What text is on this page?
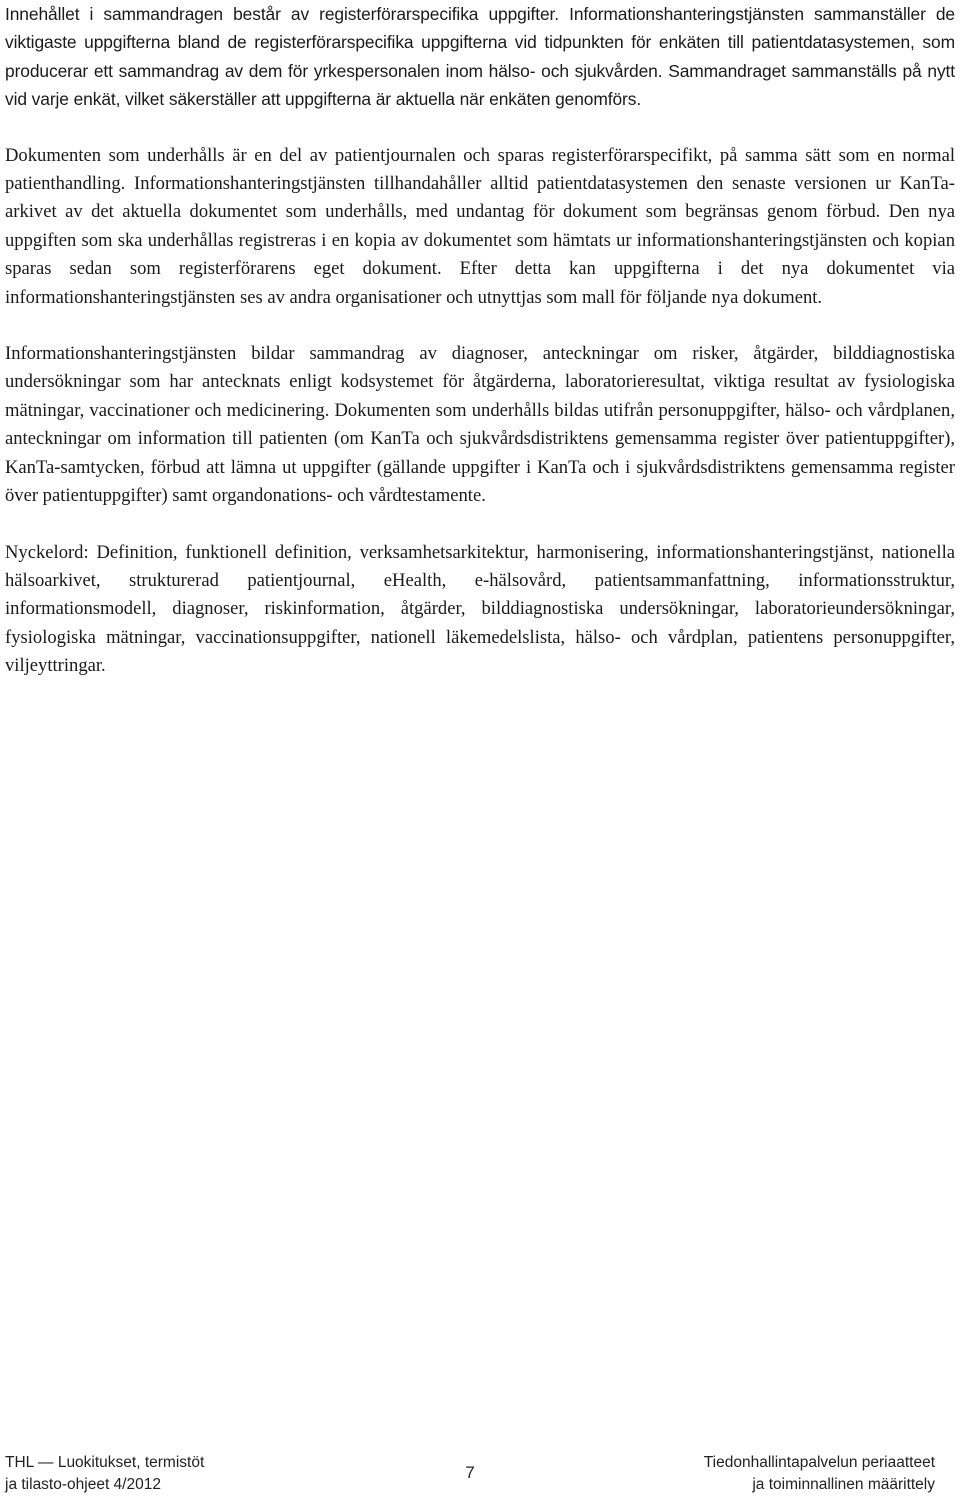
Innehållet i sammandragen består av registerförarspecifika uppgifter. Informationshanteringstjänsten sammanställer de viktigaste uppgifterna bland de registerförarspecifika uppgifterna vid tidpunkten för enkäten till patientdatasystemen, som producerar ett sammandrag av dem för yrkespersonalen inom hälso- och sjukvården. Sammandraget sammanställs på nytt vid varje enkät, vilket säkerställer att uppgifterna är aktuella när enkäten genomförs.

Dokumenten som underhålls är en del av patientjournalen och sparas registerförarspecifikt, på samma sätt som en normal patienthandling. Informationshanteringstjänsten tillhandahåller alltid patientdatasystemen den senaste versionen ur KanTa-arkivet av det aktuella dokumentet som underhålls, med undantag för dokument som begränsas genom förbud. Den nya uppgiften som ska underhållas registreras i en kopia av dokumentet som hämtats ur informationshanteringstjänsten och kopian sparas sedan som registerförarens eget dokument. Efter detta kan uppgifterna i det nya dokumentet via informationshanteringstjänsten ses av andra organisationer och utnyttjas som mall för följande nya dokument.

Informationshanteringstjänsten bildar sammandrag av diagnoser, anteckningar om risker, åtgärder, bilddiagnostiska undersökningar som har antecknats enligt kodsystemet för åtgärderna, laboratorieresultat, viktiga resultat av fysiologiska mätningar, vaccinationer och medicinering. Dokumenten som underhålls bildas utifrån personuppgifter, hälso- och vårdplanen, anteckningar om information till patienten (om KanTa och sjukvårdsdistriktens gemensamma register över patientuppgifter), KanTa-samtycken, förbud att lämna ut uppgifter (gällande uppgifter i KanTa och i sjukvårdsdistriktens gemensamma register över patientuppgifter) samt organdonations- och vårdtestamente.

Nyckelord: Definition, funktionell definition, verksamhetsarkitektur, harmonisering, informationshanteringstjänst, nationella hälsoarkivet, strukturerad patientjournal, eHealth, e-hälsovård, patientsammanfattning, informationsstruktur, informationsmodell, diagnoser, riskinformation, åtgärder, bilddiagnostiska undersökningar, laboratorieundersökningar, fysiologiska mätningar, vaccinationsuppgifter, nationell läkemedelslista, hälso- och vårdplan, patientens personuppgifter, viljeyttringar.

THL — Luokitukset, termistöt
ja tilasto-ohjeet 4/2012
7
Tiedonhallintapalvelun periaatteet
ja toiminnallinen määrittely
